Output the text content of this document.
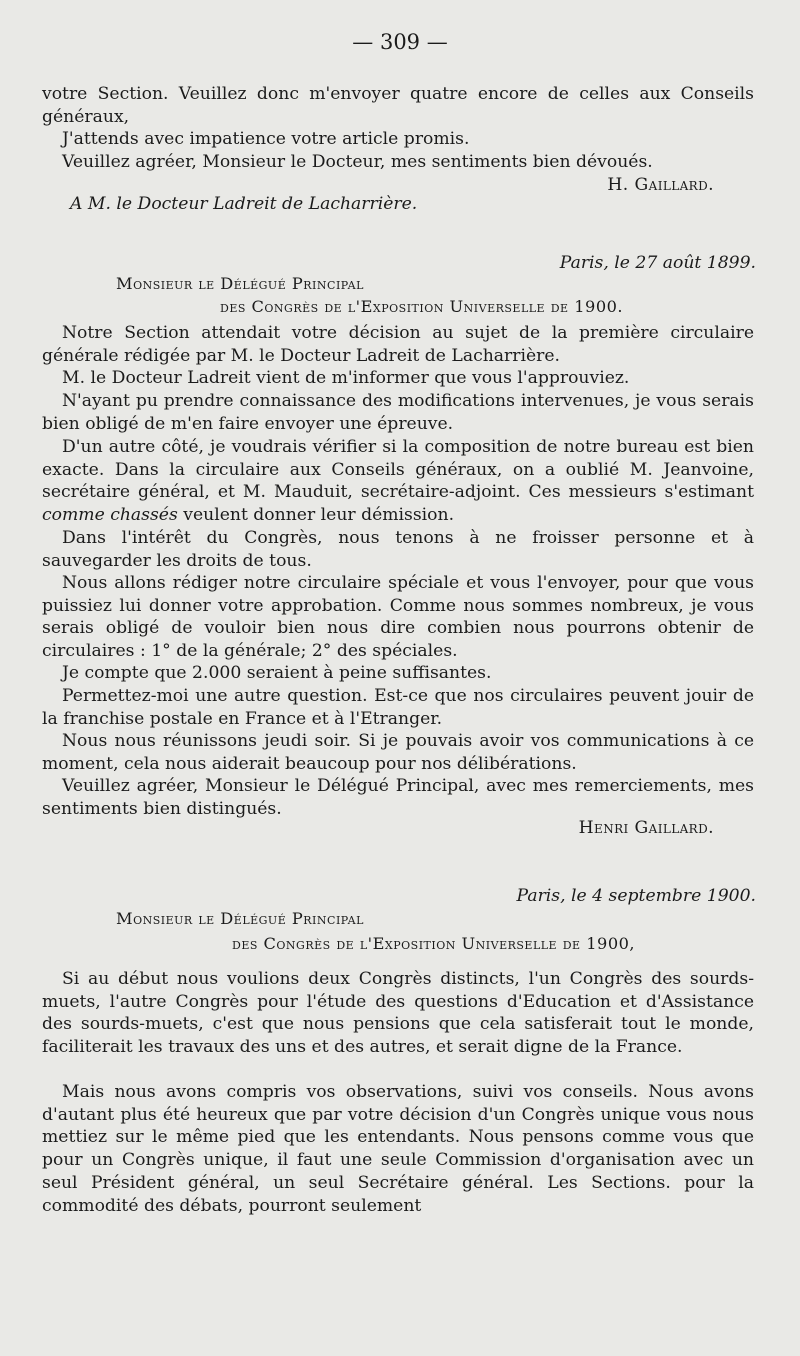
— 309 —

votre Section. Veuillez donc m'envoyer quatre encore de celles aux Conseils généraux,

J'attends avec impatience votre article promis.

Veuillez agréer, Monsieur le Docteur, mes sentiments bien dévoués.

H. Gaillard.

A M. le Docteur Ladreit de Lacharrière.

Paris, le 27 août 1899.

Monsieur le Délégué Principal

des Congrès de l'Exposition Universelle de 1900.

Notre Section attendait votre décision au sujet de la première circulaire générale rédigée par M. le Docteur Ladreit de Lacharrière.

M. le Docteur Ladreit vient de m'informer que vous l'approuviez.

N'ayant pu prendre connaissance des modifications intervenues, je vous serais bien obligé de m'en faire envoyer une épreuve.

D'un autre côté, je voudrais vérifier si la composition de notre bureau est bien exacte. Dans la circulaire aux Conseils généraux, on a oublié M. Jeanvoine, secrétaire général, et M. Mauduit, secrétaire-adjoint. Ces messieurs s'estimant comme chassés veulent donner leur démission.

Dans l'intérêt du Congrès, nous tenons à ne froisser personne et à sauvegarder les droits de tous.

Nous allons rédiger notre circulaire spéciale et vous l'envoyer, pour que vous puissiez lui donner votre approbation. Comme nous sommes nombreux, je vous serais obligé de vouloir bien nous dire combien nous pourrons obtenir de circulaires : 1° de la générale; 2° des spéciales.

Je compte que 2.000 seraient à peine suffisantes.

Permettez-moi une autre question. Est-ce que nos circulaires peuvent jouir de la franchise postale en France et à l'Etranger.

Nous nous réunissons jeudi soir. Si je pouvais avoir vos communications à ce moment, cela nous aiderait beaucoup pour nos délibérations.

Veuillez agréer, Monsieur le Délégué Principal, avec mes remerciements, mes sentiments bien distingués.

Henri Gaillard.

Paris, le 4 septembre 1900.

Monsieur le Délégué Principal

des Congrès de l'Exposition Universelle de 1900,

Si au début nous voulions deux Congrès distincts, l'un Congrès des sourds-muets, l'autre Congrès pour l'étude des questions d'Education et d'Assistance des sourds-muets, c'est que nous pensions que cela satisferait tout le monde, faciliterait les travaux des uns et des autres, et serait digne de la France.

Mais nous avons compris vos observations, suivi vos conseils. Nous avons d'autant plus été heureux que par votre décision d'un Congrès unique vous nous mettiez sur le même pied que les entendants. Nous pensons comme vous que pour un Congrès unique, il faut une seule Commission d'organisation avec un seul Président général, un seul Secrétaire général. Les Sections. pour la commodité des débats, pourront seulement
